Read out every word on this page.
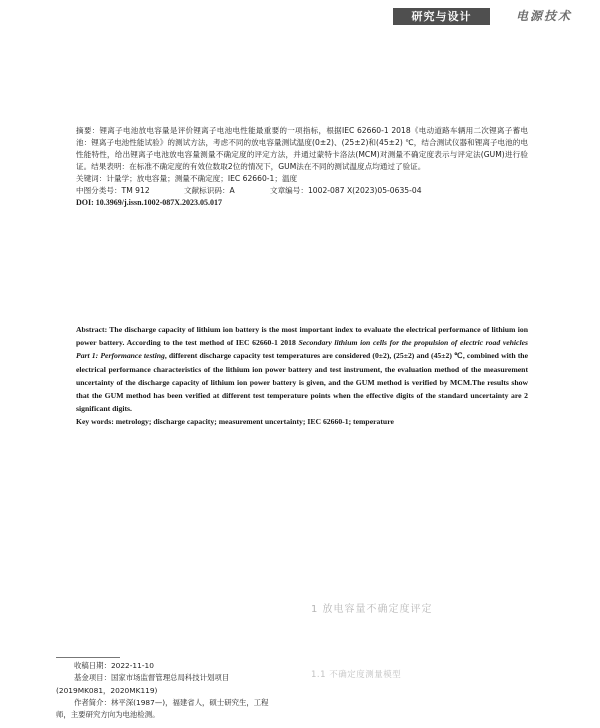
研究与设计	电源技术

摘要：锂离子电池放电容量是评价锂离子电池电性能最重要的一项指标，根据IEC 62660-1 2018《电动道路车辆用二次锂离子蓄电池：锂离子电池性能试验》的测试方法，考虑不同的放电容量测试温度(0±2)、(25±2)和(45±2) ℃，结合测试仪器和锂离子电池的电性能特性，给出锂离子电池放电容量测量不确定度的评定方法，并通过蒙特卡洛法(MCM)对测量不确定度表示与评定法(GUM)进行验证。结果表明：在标准不确定度的有效位数取2位的情况下，GUM法在不同的测试温度点均通过了验证。

关键词：计量学；放电容量；测量不确定度；IEC 62660-1；温度

中图分类号：TM 912	文献标识码：A	文章编号：1002-087 X(2023)05-0635-04

DOI: 10.3969/j.issn.1002-087X.2023.05.017

Abstract: The discharge capacity of lithium ion battery is the most important index to evaluate the electrical performance of lithium ion power battery. According to the test method of IEC 62660-1 2018 Secondary lithium ion cells for the propulsion of electric road vehicles Part 1: Performance testing, different discharge capacity test temperatures are considered (0±2), (25±2) and (45±2) ℃, combined with the electrical performance characteristics of the lithium ion power battery and test instrument, the evaluation method of the measurement uncertainty of the discharge capacity of lithium ion power battery is given, and the GUM method is verified by MCM.The results show that the GUM method has been verified at different test temperature points when the effective digits of the standard uncertainty are 2 significant digits.

Key words: metrology; discharge capacity; measurement uncertainty; IEC 62660-1; temperature

1 放电容量不确定度评定
1.1 不确定度测量模型

收稿日期：2022-11-10

基金项目：国家市场监督管理总局科技计划项目

(2019MK081，2020MK119)

作者简介：林平深(1987—)，福建省人，硕士研究生，工程

师，主要研究方向为电池检测。
